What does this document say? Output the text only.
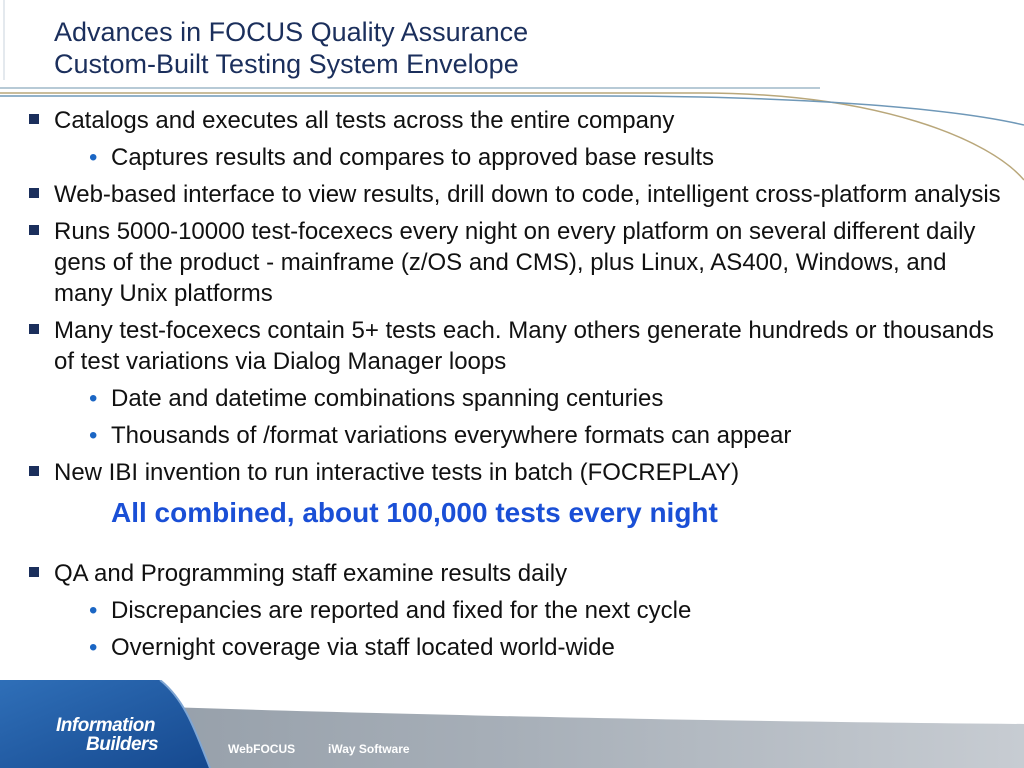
Advances in FOCUS Quality Assurance
Custom-Built Testing System Envelope

Catalogs and executes all tests across the entire company

• Captures results and compares to approved base results

Web-based interface to view results, drill down to code, intelligent cross-platform analysis

Runs 5000-10000 test-focexecs every night on every platform on several different daily gens of the product - mainframe (z/OS and CMS), plus Linux, AS400, Windows, and many Unix platforms

Many test-focexecs contain 5+ tests each. Many others generate hundreds or thousands of test variations via Dialog Manager loops

• Date and datetime combinations spanning centuries

• Thousands of /format variations everywhere formats can appear

New IBI invention to run interactive tests in batch (FOCREPLAY)

All combined, about 100,000 tests every night

QA and Programming staff examine results daily

• Discrepancies are reported and fixed for the next cycle

• Overnight coverage via staff located world-wide

Information
Builders	WebFOCUS	iWay Software
